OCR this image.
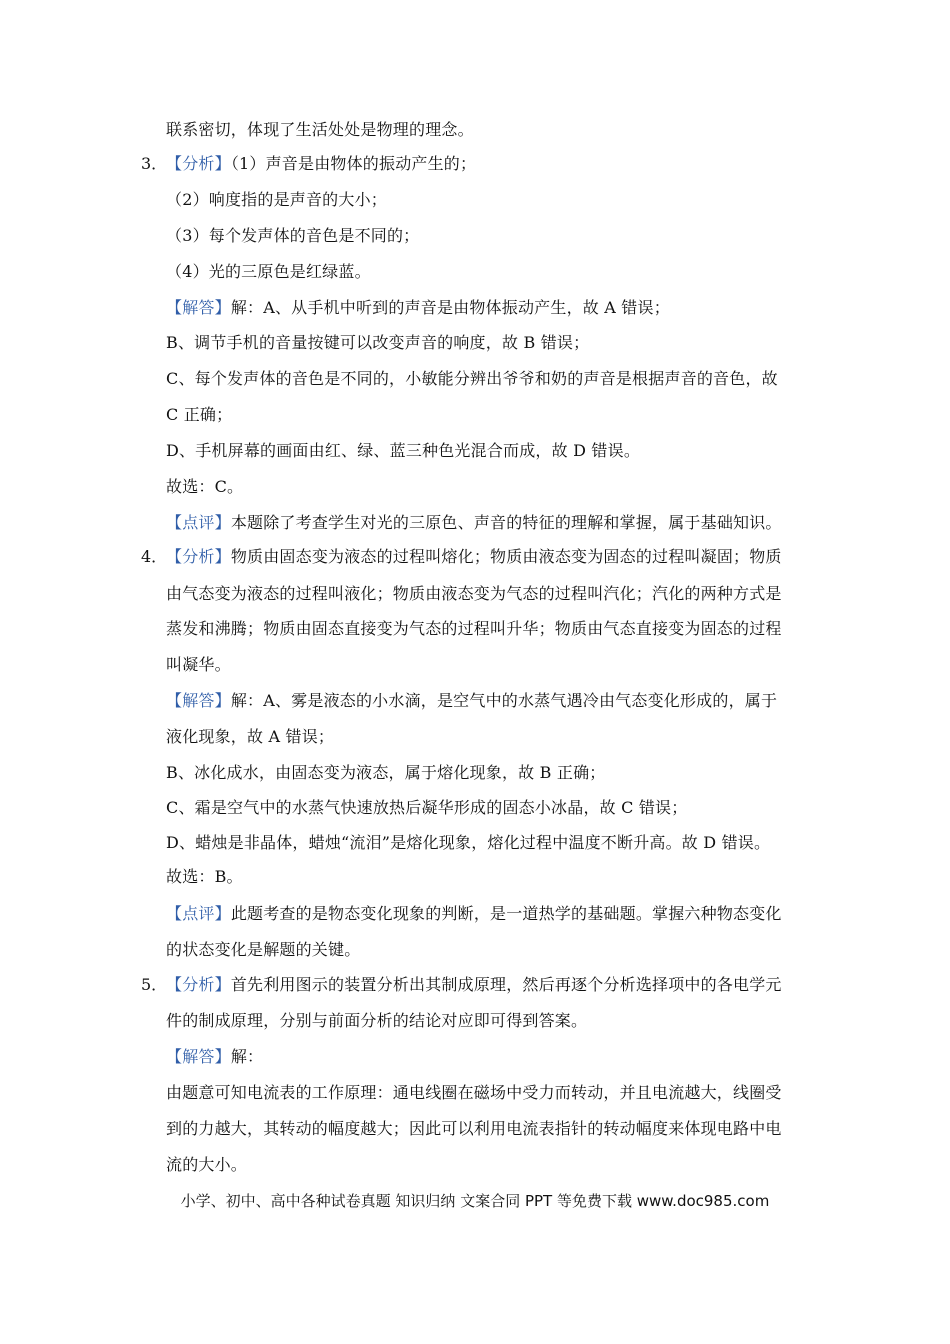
联系密切，体现了生活处处是物理的理念。
3．
【分析】（1）声音是由物体的振动产生的；
（2）响度指的是声音的大小；
（3）每个发声体的音色是不同的；
（4）光的三原色是红绿蓝。
【解答】解：A、从手机中听到的声音是由物体振动产生，故 A 错误；
B、调节手机的音量按键可以改变声音的响度，故 B 错误；
C、每个发声体的音色是不同的，小敏能分辨出爷爷和奶的声音是根据声音的音色，故
C 正确；
D、手机屏幕的画面由红、绿、蓝三种色光混合而成，故 D 错误。
故选：C。
【点评】本题除了考查学生对光的三原色、声音的特征的理解和掌握，属于基础知识。
4．
【分析】物质由固态变为液态的过程叫熔化；物质由液态变为固态的过程叫凝固；物质
由气态变为液态的过程叫液化；物质由液态变为气态的过程叫汽化；汽化的两种方式是
蒸发和沸腾；物质由固态直接变为气态的过程叫升华；物质由气态直接变为固态的过程
叫凝华。
【解答】解：A、雾是液态的小水滴，是空气中的水蒸气遇冷由气态变化形成的，属于
液化现象，故 A 错误；
B、冰化成水，由固态变为液态，属于熔化现象，故 B 正确；
C、霜是空气中的水蒸气快速放热后凝华形成的固态小冰晶，故 C 错误；
D、蜡烛是非晶体，蜡烛“流泪”是熔化现象，熔化过程中温度不断升高。故 D 错误。
故选：B。
【点评】此题考查的是物态变化现象的判断，是一道热学的基础题。掌握六种物态变化
的状态变化是解题的关键。
5．
【分析】首先利用图示的装置分析出其制成原理，然后再逐个分析选择项中的各电学元
件的制成原理，分别与前面分析的结论对应即可得到答案。
【解答】解：
由题意可知电流表的工作原理：通电线圈在磁场中受力而转动，并且电流越大，线圈受
到的力越大，其转动的幅度越大；因此可以利用电流表指针的转动幅度来体现电路中电
流的大小。
小学、初中、高中各种试卷真题 知识归纳 文案合同 PPT 等免费下载 www.doc985.com
